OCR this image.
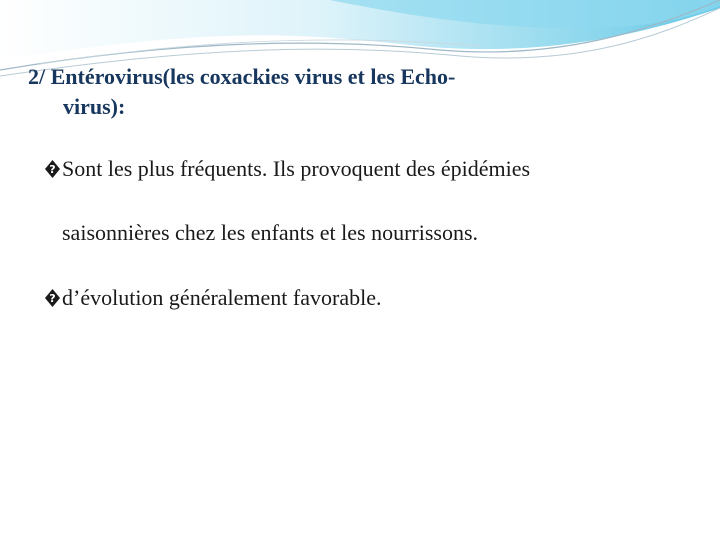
2/ Entérovirus(les coxackies virus et les Echo-
virus):
? Sont les plus fréquents. Ils provoquent des épidémies
saisonnières chez les enfants et les nourrissons.
? d’évolution généralement favorable.
